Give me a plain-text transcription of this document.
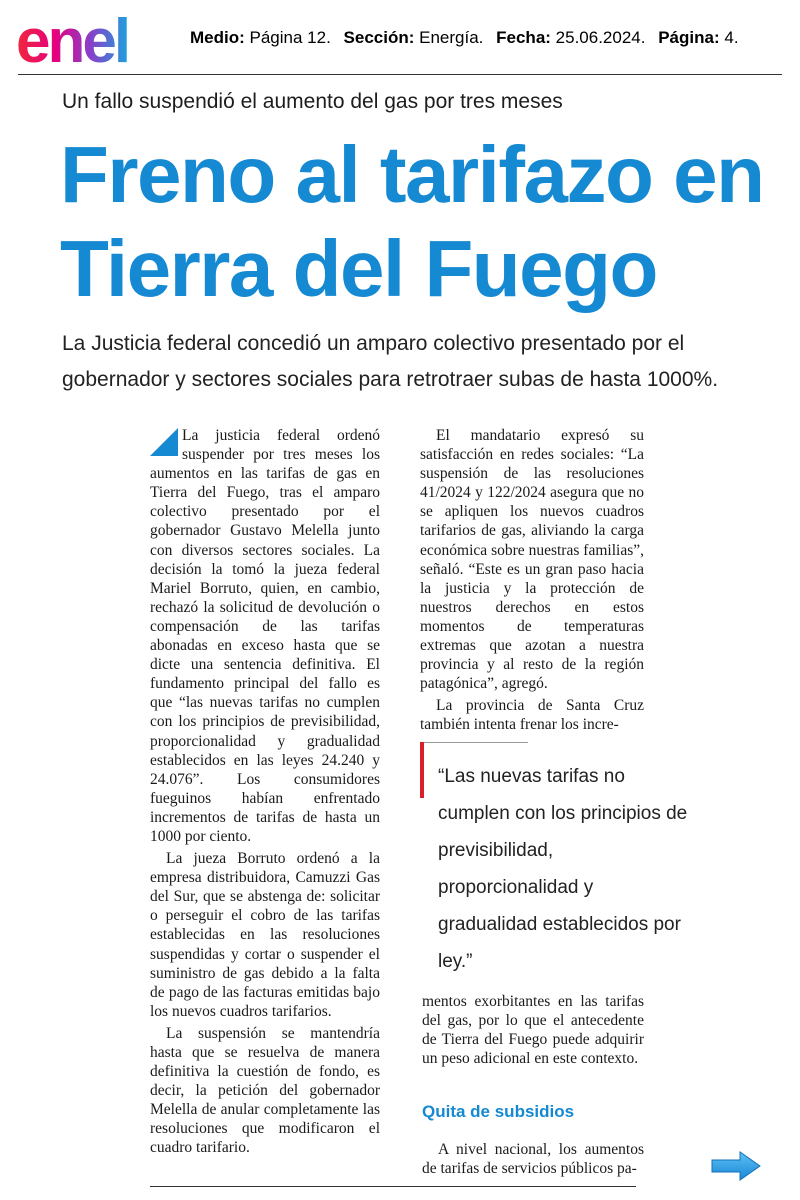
enel	Medio: Página 12. Sección: Energía. Fecha: 25.06.2024. Página: 4.
Un fallo suspendió el aumento del gas por tres meses
Freno al tarifazo en Tierra del Fuego

La Justicia federal concedió un amparo colectivo presentado por el gobernador y sectores sociales para retrotraer subas de hasta 1000%.

La justicia federal ordenó suspender por tres meses los aumentos en las tarifas de gas en Tierra del Fuego, tras el amparo colectivo presentado por el gobernador Gustavo Melella junto con diversos sectores sociales. La decisión la tomó la jueza federal Mariel Borruto, quien, en cambio, rechazó la solicitud de devolución o compensación de las tarifas abonadas en exceso hasta que se dicte una sentencia definitiva. El fundamento principal del fallo es que “las nuevas tarifas no cumplen con los principios de previsibilidad, proporcionalidad y gradualidad establecidos en las leyes 24.240 y 24.076”. Los consumidores fueguinos habían enfrentado incrementos de tarifas de hasta un 1000 por ciento.

La jueza Borruto ordenó a la empresa distribuidora, Camuzzi Gas del Sur, que se abstenga de: solicitar o perseguir el cobro de las tarifas establecidas en las resoluciones suspendidas y cortar o suspender el suministro de gas debido a la falta de pago de las facturas emitidas bajo los nuevos cuadros tarifarios.

La suspensión se mantendría hasta que se resuelva de manera definitiva la cuestión de fondo, es decir, la petición del gobernador Melella de anular completamente las resoluciones que modificaron el cuadro tarifario.

El mandatario expresó su satisfacción en redes sociales: “La suspensión de las resoluciones 41/2024 y 122/2024 asegura que no se apliquen los nuevos cuadros tarifarios de gas, aliviando la carga económica sobre nuestras familias”, señaló. “Este es un gran paso hacia la justicia y la protección de nuestros derechos en estos momentos de temperaturas extremas que azotan a nuestra provincia y al resto de la región patagónica”, agregó.

La provincia de Santa Cruz también intenta frenar los incre-

“Las nuevas tarifas no cumplen con los principios de previsibilidad, proporcionalidad y gradualidad establecidos por ley.”

mentos exorbitantes en las tarifas del gas, por lo que el antecedente de Tierra del Fuego puede adquirir un peso adicional en este contexto.

Quita de subsidios

A nivel nacional, los aumentos de tarifas de servicios públicos pa-
